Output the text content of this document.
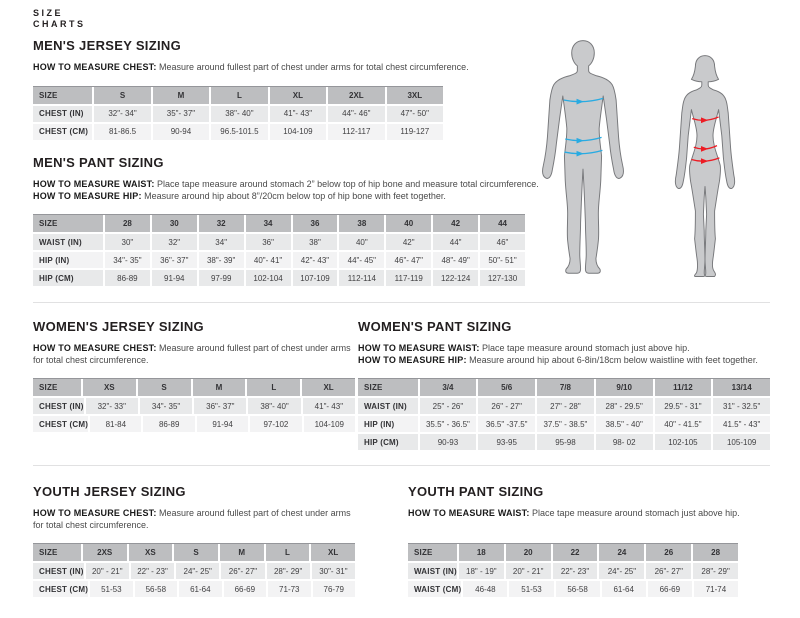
SIZE
CHARTS
MEN'S JERSEY SIZING
HOW TO MEASURE CHEST: Measure around fullest part of chest under arms for total chest circumference.
SIZE	S	M	L	XL	2XL	3XL
CHEST (IN)	32"- 34"	35"- 37"	38"- 40"	41"- 43"	44"- 46"	47"- 50"
CHEST (CM)	81-86.5	90-94	96.5-101.5	104-109	112-117	119-127
MEN'S PANT SIZING
HOW TO MEASURE WAIST: Place tape measure around stomach 2” below top of hip bone and measure total circumference.
HOW TO MEASURE HIP: Measure around hip about 8”/20cm below top of hip bone with feet together.
SIZE	28	30	32	34	36	38	40	42	44
WAIST (IN)	30"	32"	34"	36"	38"	40"	42"	44"	46"
HIP (IN)	34"- 35"	36"- 37"	38"- 39"	40"- 41"	42"- 43"	44"- 45"	46"- 47"	48"- 49"	50"- 51"
HIP (CM)	86-89	91-94	97-99	102-104	107-109	112-114	117-119	122-124	127-130
WOMEN'S JERSEY SIZING
HOW TO MEASURE CHEST: Measure around fullest part of chest under arms for total chest circumference.
SIZE	XS	S	M	L	XL
CHEST (IN)	32"- 33"	34"- 35"	36"- 37"	38"- 40"	41"- 43"
CHEST (CM)	81-84	86-89	91-94	97-102	104-109
WOMEN'S PANT SIZING
HOW TO MEASURE WAIST: Place tape measure around stomach just above hip.
HOW TO MEASURE HIP: Measure around hip about 6-8in/18cm below waistline with feet together.
SIZE	3/4	5/6	7/8	9/10	11/12	13/14
WAIST (IN)	25" - 26"	26" - 27"	27" - 28"	28" - 29.5"	29.5" - 31"	31" - 32.5"
HIP (IN)	35.5" - 36.5"	36.5" -37.5"	37.5" - 38.5"	38.5" - 40"	40" - 41.5"	41.5" - 43"
HIP (CM)	90-93	93-95	95-98	98- 02	102-105	105-109
YOUTH JERSEY SIZING
HOW TO MEASURE CHEST: Measure around fullest part of chest under arms for total chest circumference.
SIZE	2XS	XS	S	M	L	XL
CHEST (IN)	20" - 21"	22" - 23"	24"- 25"	26"- 27"	28"- 29"	30"- 31"
CHEST (CM)	51-53	56-58	61-64	66-69	71-73	76-79
YOUTH PANT SIZING
HOW TO MEASURE WAIST: Place tape measure around stomach just above hip.
SIZE	18	20	22	24	26	28
WAIST (IN)	18" - 19"	20" - 21"	22"- 23"	24"- 25"	26"- 27"	28"- 29"
WAIST (CM)	46-48	51-53	56-58	61-64	66-69	71-74
